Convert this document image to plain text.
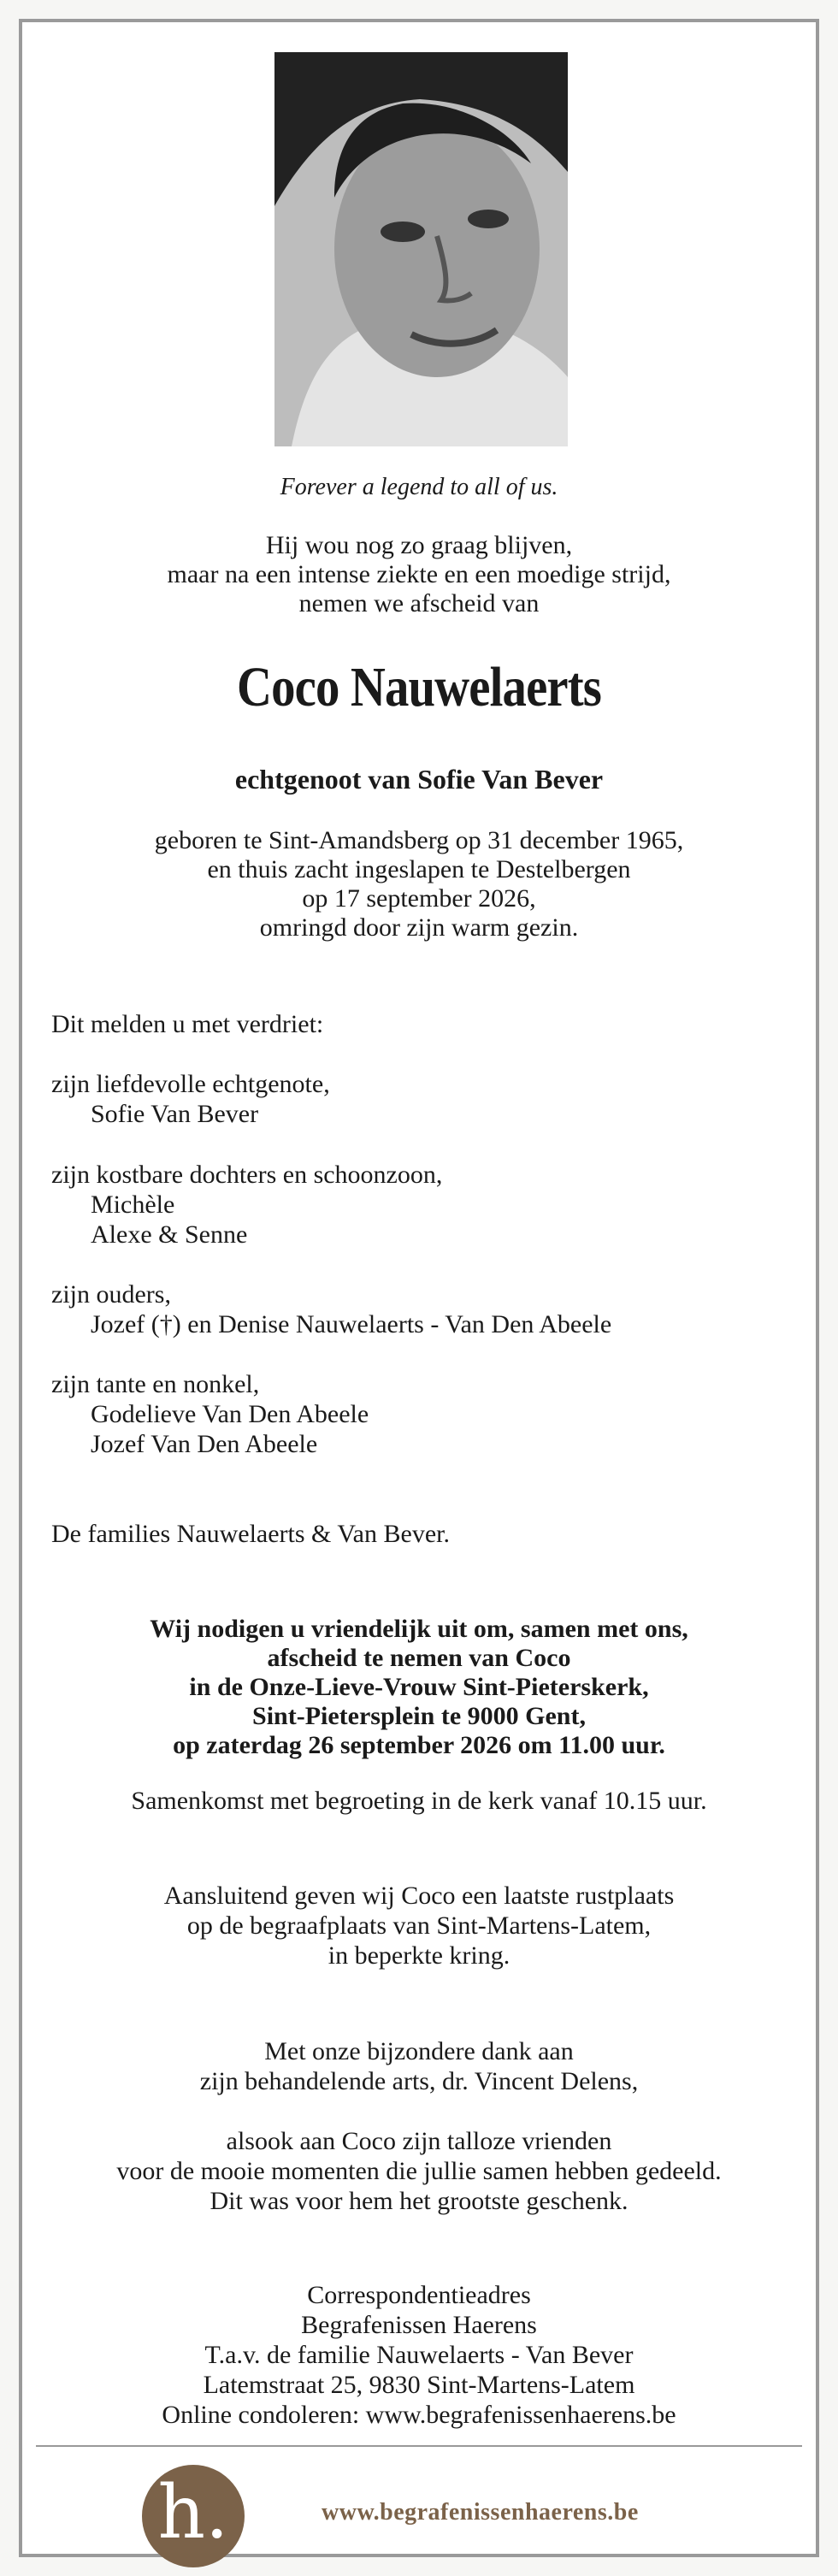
Forever a legend to all of us.
Hij wou nog zo graag blijven,
maar na een intense ziekte en een moedige strijd,
nemen we afscheid van
Coco Nauwelaerts
echtgenoot van Sofie Van Bever
geboren te Sint-Amandsberg op 31 december 1965,
en thuis zacht ingeslapen te Destelbergen
op 17 september 2026,
omringd door zijn warm gezin.
Dit melden u met verdriet:
zijn liefdevolle echtgenote,
Sofie Van Bever
zijn kostbare dochters en schoonzoon,
Michèle
Alexe & Senne
zijn ouders,
Jozef (†) en Denise Nauwelaerts - Van Den Abeele
zijn tante en nonkel,
Godelieve Van Den Abeele
Jozef Van Den Abeele
De families Nauwelaerts & Van Bever.
Wij nodigen u vriendelijk uit om, samen met ons,
afscheid te nemen van Coco
in de Onze-Lieve-Vrouw Sint-Pieterskerk,
Sint-Pietersplein te 9000 Gent,
op zaterdag 26 september 2026 om 11.00 uur.
Samenkomst met begroeting in de kerk vanaf 10.15 uur.
Aansluitend geven wij Coco een laatste rustplaats
op de begraafplaats van Sint-Martens-Latem,
in beperkte kring.
Met onze bijzondere dank aan
zijn behandelende arts, dr. Vincent Delens,
alsook aan Coco zijn talloze vrienden
voor de mooie momenten die jullie samen hebben gedeeld.
Dit was voor hem het grootste geschenk.
Correspondentieadres
Begrafenissen Haerens
T.a.v. de familie Nauwelaerts - Van Bever
Latemstraat 25, 9830 Sint-Martens-Latem
Online condoleren: www.begrafenissenhaerens.be
h.	www.begrafenissenhaerens.be
